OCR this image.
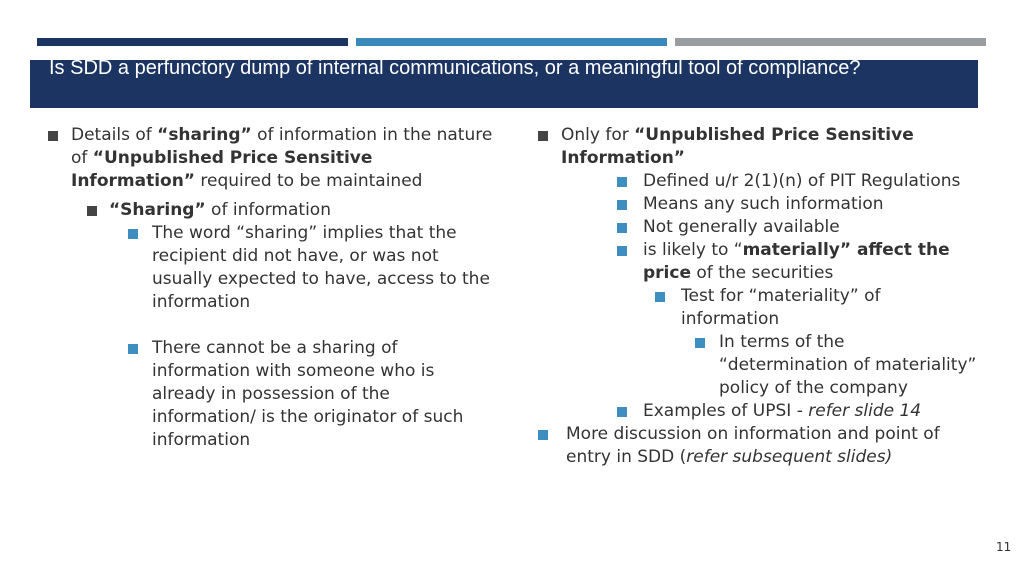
Is SDD a perfunctory dump of internal communications, or a meaningful tool of compliance?
Details of “sharing” of information in the nature of “Unpublished Price Sensitive Information” required to be maintained
“Sharing” of information
The word “sharing” implies that the recipient did not have, or was not usually expected to have, access to the information
There cannot be a sharing of information with someone who is already in possession of the information/ is the originator of such information
Only for “Unpublished Price Sensitive Information”
Defined u/r 2(1)(n) of PIT Regulations
Means any such information
Not generally available
is likely to “materially” affect the price of the securities
Test for “materiality” of information
In terms of the “determination of materiality” policy of the company
Examples of UPSI - refer slide 14
More discussion on information and point of entry in SDD (refer subsequent slides)
11
